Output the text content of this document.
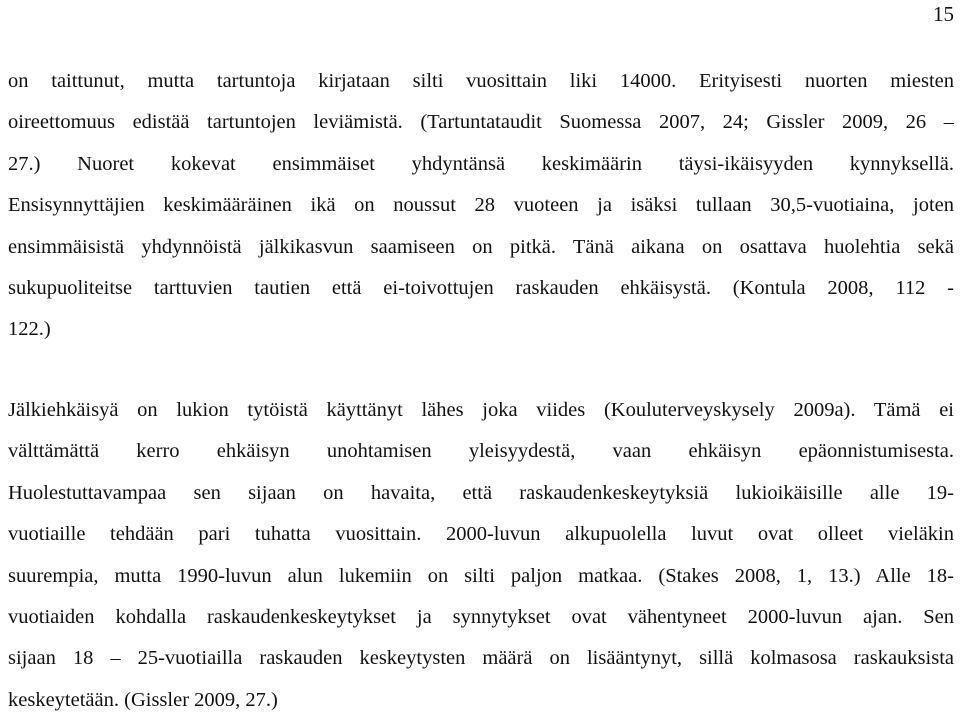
15
on taittunut, mutta tartuntoja kirjataan silti vuosittain liki 14000. Erityisesti nuorten miesten
oireettomuus edistää tartuntojen leviämistä. (Tartuntataudit Suomessa 2007, 24; Gissler 2009, 26 –
27.) Nuoret kokevat ensimmäiset yhdyntänsä keskimäärin täysi-ikäisyyden kynnyksellä.
Ensisynnyttäjien keskimääräinen ikä on noussut 28 vuoteen ja isäksi tullaan 30,5-vuotiaina, joten
ensimmäisistä yhdynnöistä jälkikasvun saamiseen on pitkä. Tänä aikana on osattava huolehtia sekä
sukupuoliteitse tarttuvien tautien että ei-toivottujen raskauden ehkäisystä. (Kontula 2008, 112 -
122.)
Jälkiehkäisyä on lukion tytöistä käyttänyt lähes joka viides (Kouluterveyskysely 2009a). Tämä ei
välttämättä kerro ehkäisyn unohtamisen yleisyydestä, vaan ehkäisyn epäonnistumisesta.
Huolestuttavampaa sen sijaan on havaita, että raskaudenkeskeytyksiä lukioikäisille alle 19-
vuotiaille tehdään pari tuhatta vuosittain. 2000-luvun alkupuolella luvut ovat olleet vieläkin
suurempia, mutta 1990-luvun alun lukemiin on silti paljon matkaa. (Stakes 2008, 1, 13.) Alle 18-
vuotiaiden kohdalla raskaudenkeskeytykset ja synnytykset ovat vähentyneet 2000-luvun ajan. Sen
sijaan 18 – 25-vuotiailla raskauden keskeytysten määrä on lisääntynyt, sillä kolmasosa raskauksista
keskeytetään. (Gissler 2009, 27.)
